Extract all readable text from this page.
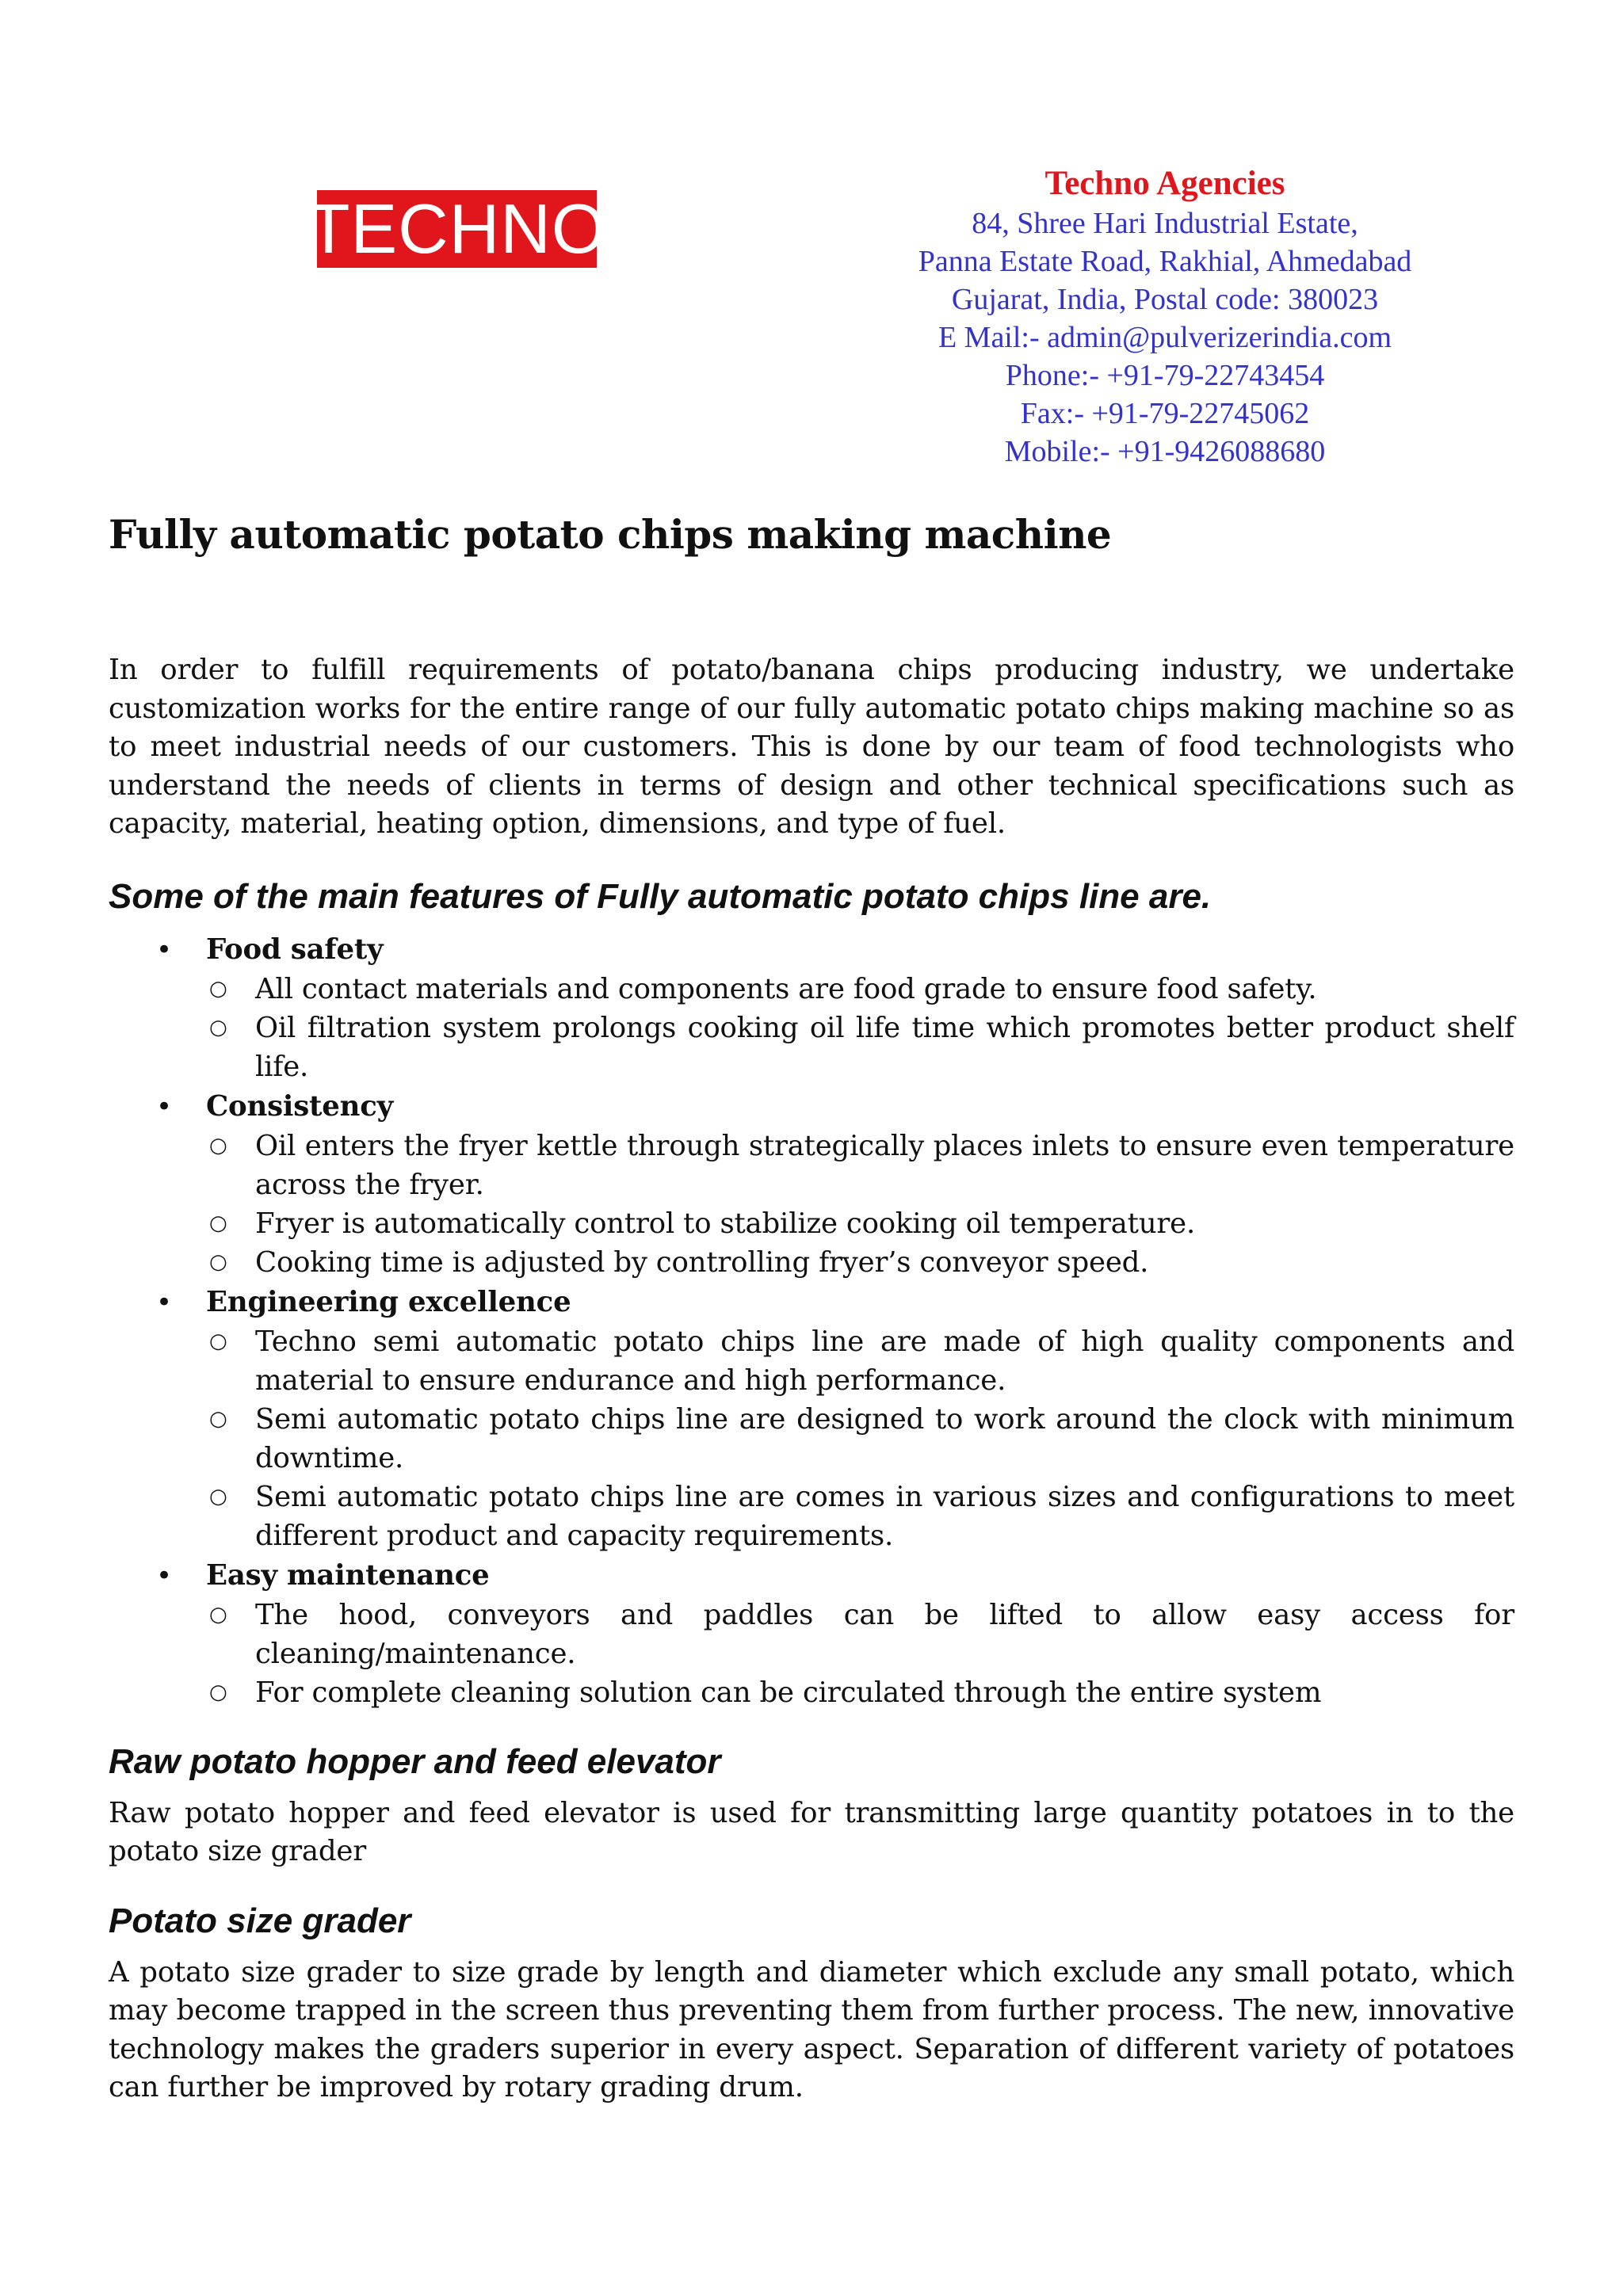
TECHNO
Techno Agencies
84, Shree Hari Industrial Estate,
Panna Estate Road, Rakhial, Ahmedabad
Gujarat, India, Postal code: 380023
E Mail:- admin@pulverizerindia.com
Phone:- +91-79-22743454
Fax:- +91-79-22745062
Mobile:- +91-9426088680
Fully automatic potato chips making machine

In order to fulfill requirements of potato/banana chips producing industry, we undertake customization works for the entire range of our fully automatic potato chips making machine so as to meet industrial needs of our customers. This is done by our team of food technologists who understand the needs of clients in terms of design and other technical specifications such as capacity, material, heating option, dimensions, and type of fuel.

Some of the main features of Fully automatic potato chips line are.
• Food safety
○ All contact materials and components are food grade to ensure food safety.
○ Oil filtration system prolongs cooking oil life time which promotes better product shelf life.
• Consistency
○ Oil enters the fryer kettle through strategically places inlets to ensure even temperature across the fryer.
○ Fryer is automatically control to stabilize cooking oil temperature.
○ Cooking time is adjusted by controlling fryer’s conveyor speed.
• Engineering excellence
○ Techno semi automatic potato chips line are made of high quality components and material to ensure endurance and high performance.
○ Semi automatic potato chips line are designed to work around the clock with minimum downtime.
○ Semi automatic potato chips line are comes in various sizes and configurations to meet different product and capacity requirements.
• Easy maintenance
○ The hood, conveyors and paddles can be lifted to allow easy access for cleaning/maintenance.
○ For complete cleaning solution can be circulated through the entire system
Raw potato hopper and feed elevator

Raw potato hopper and feed elevator is used for transmitting large quantity potatoes in to the potato size grader

Potato size grader

A potato size grader to size grade by length and diameter which exclude any small potato, which may become trapped in the screen thus preventing them from further process. The new, innovative technology makes the graders superior in every aspect. Separation of different variety of potatoes can further be improved by rotary grading drum.
